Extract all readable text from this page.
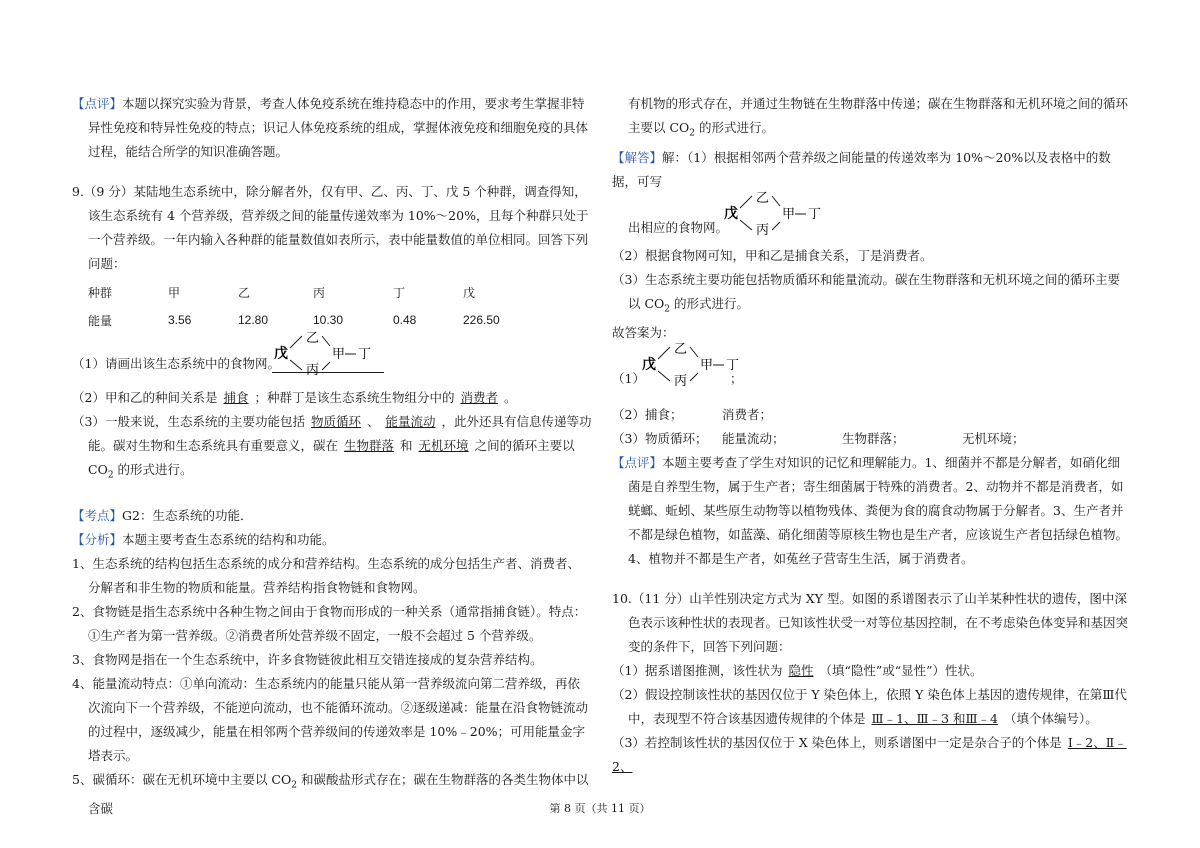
【点评】本题以探究实验为背景，考查人体免疫系统在维持稳态中的作用，要求考生掌握非特异性免疫和特异性免疫的特点；识记人体免疫系统的组成，掌握体液免疫和细胞免疫的具体过程，能结合所学的知识准确答题。

9.（9 分）某陆地生态系统中，除分解者外，仅有甲、乙、丙、丁、戊 5 个种群，调查得知，该生态系统有 4 个营养级，营养级之间的能量传递效率为 10%～20%，且每个种群只处于一个营养级。一年内输入各种群的能量数值如表所示，表中能量数值的单位相同。回答下列问题：

种群	甲	乙	丙	丁	戊
能量	3.56	12.80	10.30	0.48	226.50
（1）请画出该生态系统中的食物网。
戊
乙
甲 丁
丙

（2）甲和乙的种间关系是 捕食 ；种群丁是该生态系统生物组分中的 消费者 。

（3）一般来说，生态系统的主要功能包括 物质循环 、 能量流动 ，此外还具有信息传递等功能。碳对生物和生态系统具有重要意义，碳在 生物群落 和 无机环境 之间的循环主要以 $CO_2$ 的形式进行。

【考点】G2：生态系统的功能．

【分析】本题主要考查生态系统的结构和功能。

1、生态系统的结构包括生态系统的成分和营养结构。生态系统的成分包括生产者、消费者、分解者和非生物的物质和能量。营养结构指食物链和食物网。

2、食物链是指生态系统中各种生物之间由于食物而形成的一种关系（通常指捕食链）。特点：①生产者为第一营养级。②消费者所处营养级不固定，一般不会超过 5 个营养级。

3、食物网是指在一个生态系统中，许多食物链彼此相互交错连接成的复杂营养结构。

4、能量流动特点：①单向流动：生态系统内的能量只能从第一营养级流向第二营养级，再依次流向下一个营养级，不能逆向流动，也不能循环流动。②逐级递减：能量在沿食物链流动的过程中，逐级减少，能量在相邻两个营养级间的传递效率是 10%﹣20%；可用能量金字塔表示。

5、碳循环：碳在无机环境中主要以 $CO_2$ 和碳酸盐形式存在；碳在生物群落的各类生物体中以含碳

有机物的形式存在，并通过生物链在生物群落中传递；碳在生物群落和无机环境之间的循环主要以 $CO_2$ 的形式进行。

【解答】解：（1）根据相邻两个营养级之间能量的传递效率为 10%～20%以及表格中的数据，可写

出相应的食物网。
戊
乙
甲 丁
丙

（2）根据食物网可知，甲和乙是捕食关系，丁是消费者。

（3）生态系统主要功能包括物质循环和能量流动。碳在生物群落和无机环境之间的循环主要以 $CO_2$ 的形式进行。

故答案为：

（1）
戊
乙
甲 丁
丙	；

（2）捕食；	消费者；

（3）物质循环； 能量流动；	生物群落；	无机环境；

【点评】本题主要考查了学生对知识的记忆和理解能力。1、细菌并不都是分解者，如硝化细菌是自养型生物，属于生产者；寄生细菌属于特殊的消费者。2、动物并不都是消费者，如蜣螂、蚯蚓、某些原生动物等以植物残体、粪便为食的腐食动物属于分解者。3、生产者并不都是绿色植物，如蓝藻、硝化细菌等原核生物也是生产者，应该说生产者包括绿色植物。4、植物并不都是生产者，如菟丝子营寄生生活，属于消费者。

10.（11 分）山羊性别决定方式为 XY 型。如图的系谱图表示了山羊某种性状的遗传，图中深色表示该种性状的表现者。已知该性状受一对等位基因控制，在不考虑染色体变异和基因突变的条件下，回答下列问题：

（1）据系谱图推测，该性状为 隐性 （填“隐性”或“显性”）性状。

（2）假设控制该性状的基因仅位于 Y 染色体上，依照 Y 染色体上基因的遗传规律，在第Ⅲ代中，表现型不符合该基因遗传规律的个体是 Ⅲ﹣1、Ⅲ﹣3 和Ⅲ﹣4 （填个体编号）。

（3）若控制该性状的基因仅位于 X 染色体上，则系谱图中一定是杂合子的个体是 Ⅰ﹣2、Ⅱ﹣2、

第 8 页（共 11 页）
